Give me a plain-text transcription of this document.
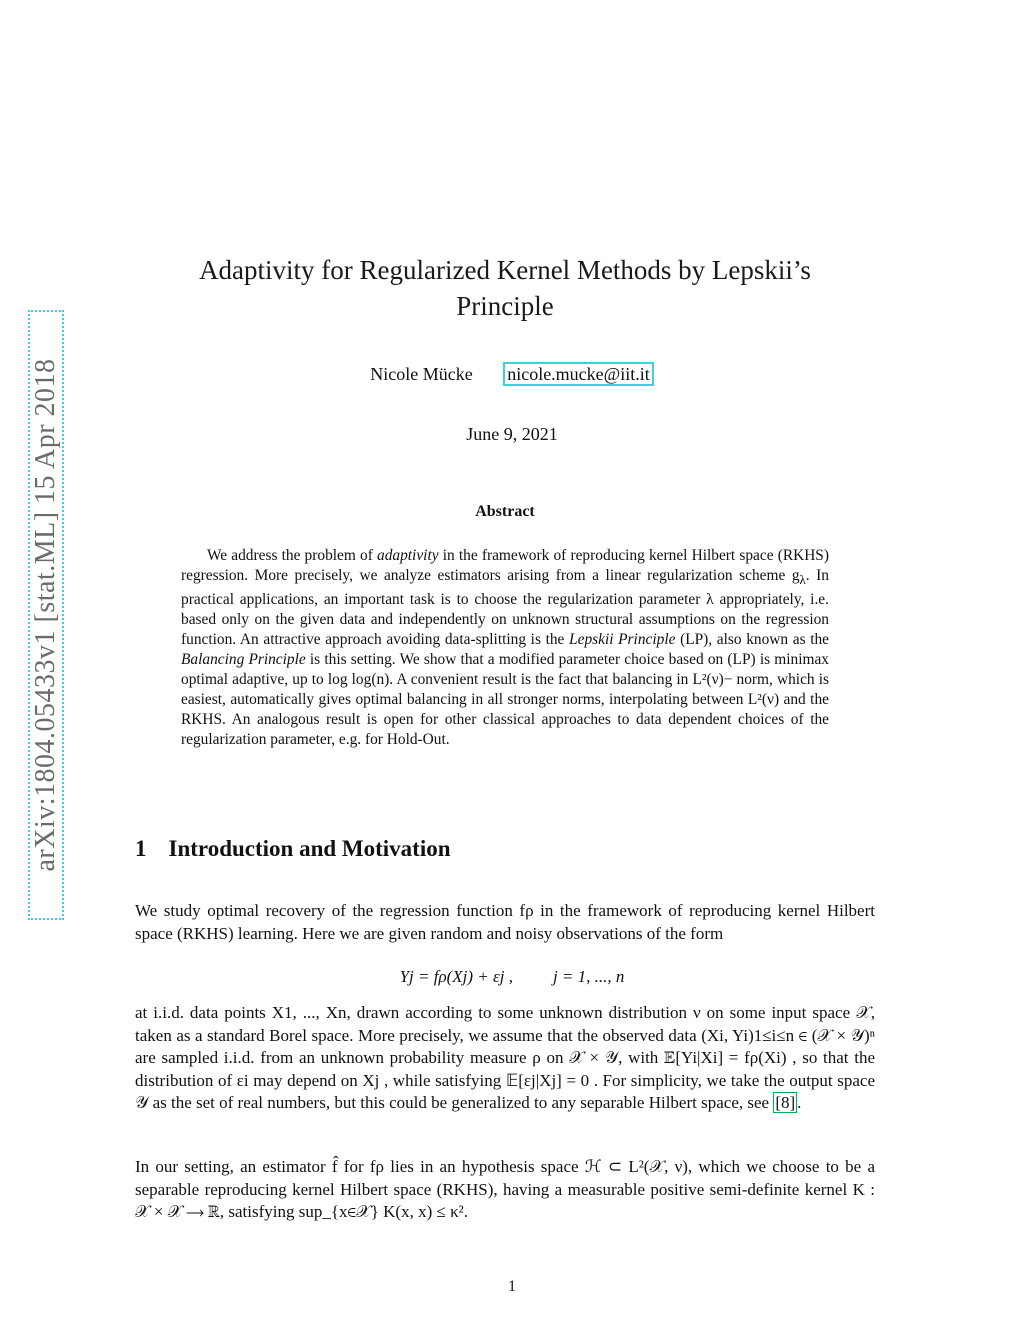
arXiv:1804.05433v1 [stat.ML] 15 Apr 2018
Adaptivity for Regularized Kernel Methods by Lepskii’s Principle
Nicole Mücke nicole.mucke@iit.it
June 9, 2021
Abstract
We address the problem of adaptivity in the framework of reproducing kernel Hilbert space (RKHS) regression. More precisely, we analyze estimators arising from a linear regularization scheme $g_\lambda$. In practical applications, an important task is to choose the regularization parameter λ appropriately, i.e. based only on the given data and independently on unknown structural assumptions on the regression function. An attractive approach avoiding data-splitting is the Lepskii Principle (LP), also known as the Balancing Principle is this setting. We show that a modified parameter choice based on (LP) is minimax optimal adaptive, up to log log(n). A convenient result is the fact that balancing in L²(ν)− norm, which is easiest, automatically gives optimal balancing in all stronger norms, interpolating between L²(ν) and the RKHS. An analogous result is open for other classical approaches to data dependent choices of the regularization parameter, e.g. for Hold-Out.
1 Introduction and Motivation
We study optimal recovery of the regression function fρ in the framework of reproducing kernel Hilbert space (RKHS) learning. Here we are given random and noisy observations of the form
Yj = fρ(Xj) + εj , j = 1, ..., n
at i.i.d. data points X1, ..., Xn, drawn according to some unknown distribution ν on some input space 𝒳, taken as a standard Borel space. More precisely, we assume that the observed data (Xi, Yi)1≤i≤n ∈ (𝒳 × 𝒴)ⁿ are sampled i.i.d. from an unknown probability measure ρ on 𝒳 × 𝒴, with 𝔼[Yi|Xi] = fρ(Xi) , so that the distribution of εi may depend on Xj , while satisfying 𝔼[εj|Xj] = 0 . For simplicity, we take the output space 𝒴 as the set of real numbers, but this could be generalized to any separable Hilbert space, see [8] .
In our setting, an estimator f̂ for fρ lies in an hypothesis space ℋ ⊂ L²(𝒳, ν), which we choose to be a separable reproducing kernel Hilbert space (RKHS), having a measurable positive semi-definite kernel K : 𝒳 × 𝒳 ⟶ ℝ, satisfying sup_{x∈𝒳} K(x, x) ≤ κ².
1
